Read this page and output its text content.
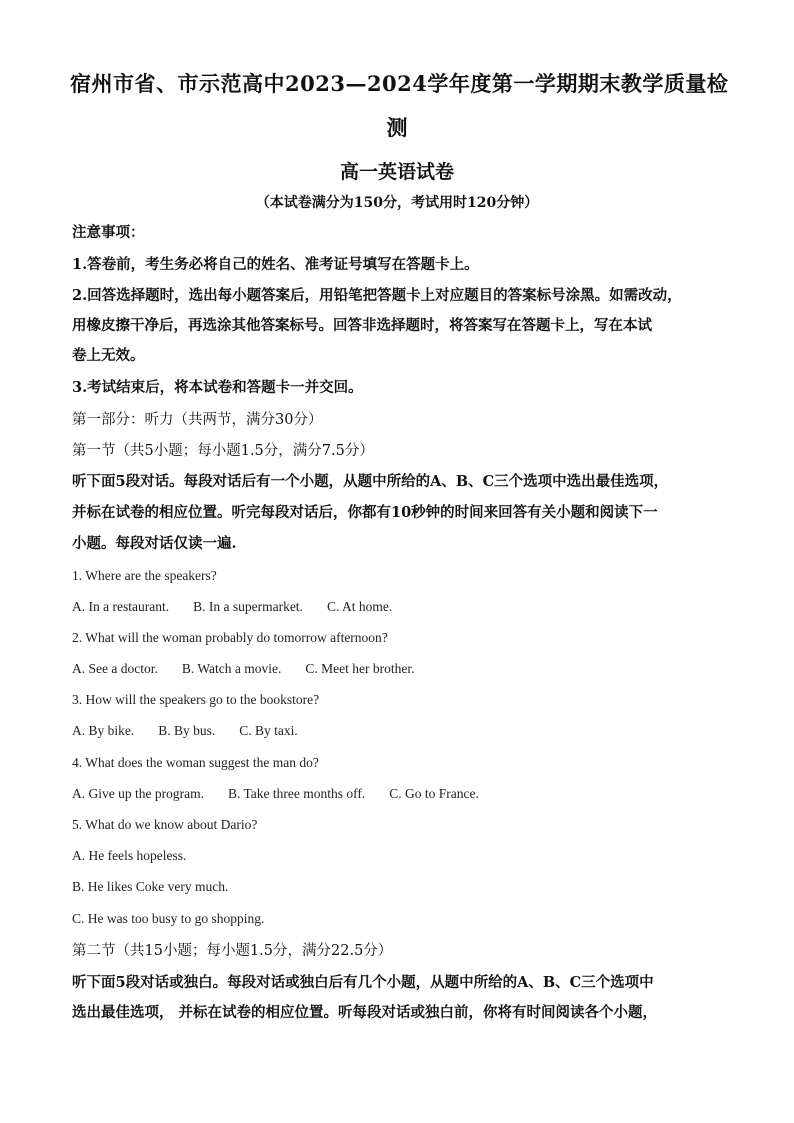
宿州市省、市示范高中2023—2024学年度第一学期期末教学质量检
测
高一英语试卷
（本试卷满分为150分，考试用时120分钟）
注意事项：
1.答卷前，考生务必将自己的姓名、准考证号填写在答题卡上。
2.回答选择题时，选出每小题答案后，用铅笔把答题卡上对应题目的答案标号涂黑。如需改动，
用橡皮擦干净后，再选涂其他答案标号。回答非选择题时，将答案写在答题卡上，写在本试
卷上无效。
3.考试结束后，将本试卷和答题卡一并交回。
第一部分：听力（共两节，满分30分）
第一节（共5小题；每小题1.5分，满分7.5分）
听下面5段对话。每段对话后有一个小题，从题中所给的A、B、C三个选项中选出最佳选项，
并标在试卷的相应位置。听完每段对话后，你都有10秒钟的时间来回答有关小题和阅读下一
小题。每段对话仅读一遍.
1. Where are the speakers?
A. In a restaurant. B. In a supermarket. C. At home.
2. What will the woman probably do tomorrow afternoon?
A. See a doctor. B. Watch a movie. C. Meet her brother.
3. How will the speakers go to the bookstore?
A. By bike. B. By bus. C. By taxi.
4. What does the woman suggest the man do?
A. Give up the program. B. Take three months off. C. Go to France.
5. What do we know about Dario?
A. He feels hopeless.
B. He likes Coke very much.
C. He was too busy to go shopping.
第二节（共15小题；每小题1.5分，满分22.5分）
听下面5段对话或独白。每段对话或独白后有几个小题，从题中所给的A、B、C三个选项中
选出最佳选项， 并标在试卷的相应位置。听每段对话或独白前，你将有时间阅读各个小题，
